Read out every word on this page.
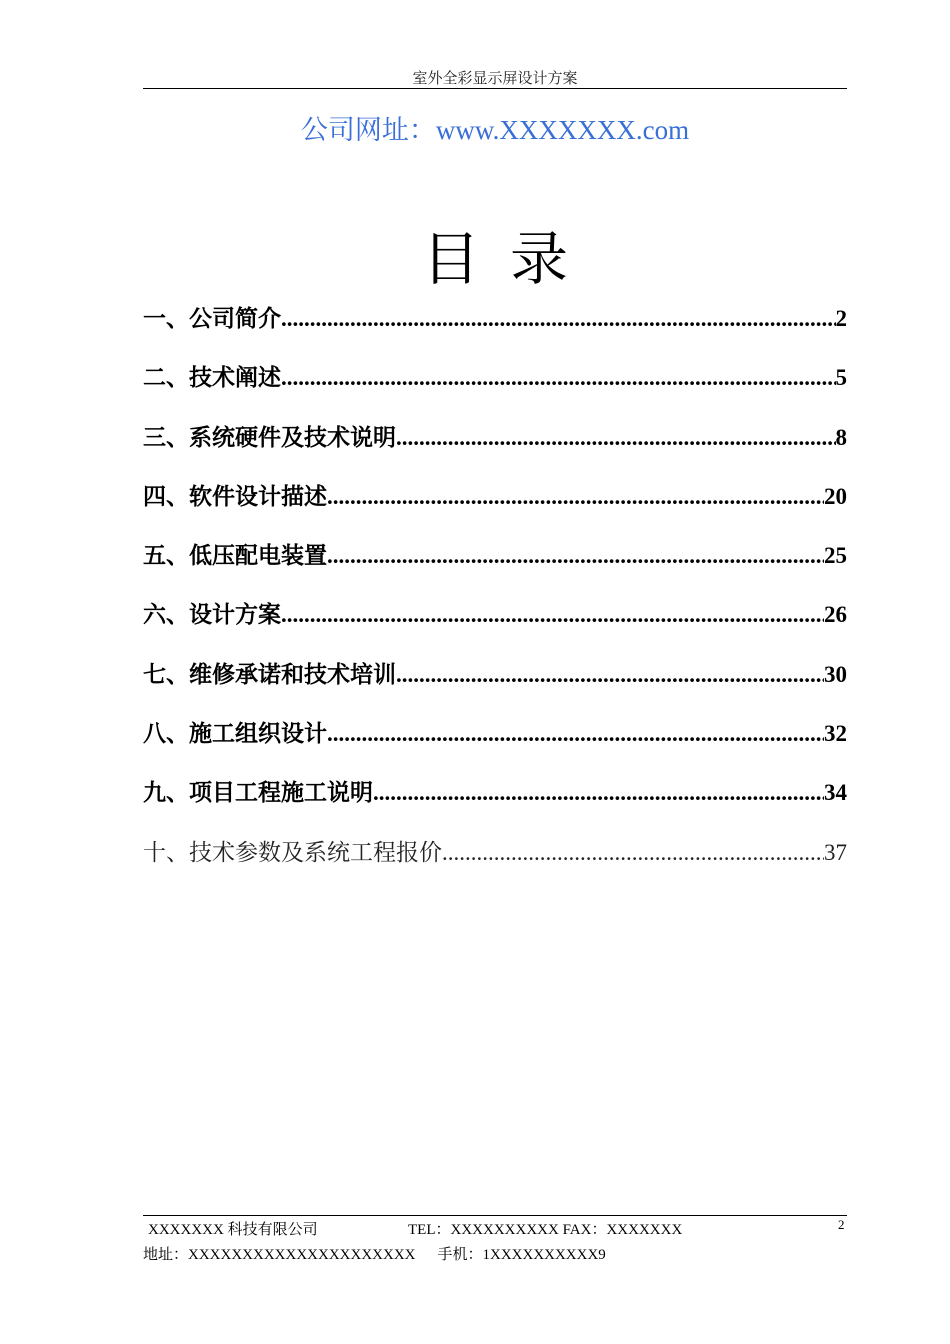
室外全彩显示屏设计方案
公司网址：www.XXXXXXX.com
目录
一、公司简介 .....	2
二、技术阐述 .....	5
三、系统硬件及技术说明 .....	8
四、软件设计描述 .....	20
五、低压配电装置 .....	25
六、设计方案 .....	26
七、维修承诺和技术培训 .....	30
八、施工组织设计 .....	32
九、项目工程施工说明 .....	34
十、技术参数及系统工程报价 .....	37
XXXXXXX 科技有限公司	TEL：XXXXXXXXXX FAX：XXXXXXX	2
地址：XXXXXXXXXXXXXXXXXXXXX 手机：1XXXXXXXXXX9
